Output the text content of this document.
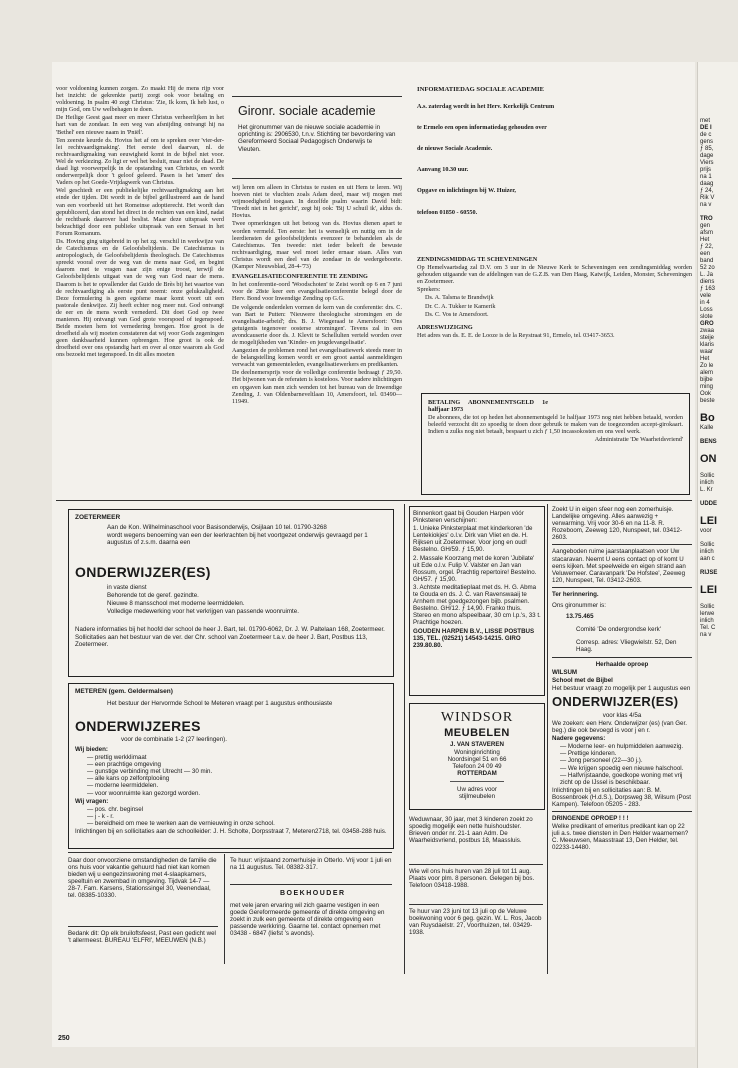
voor voldoening kunnen zorgen. Zo maakt Hij de mens rijp voor het inzicht: de gekrenkte partij zorgt ook voor betaling en voldoening. In psalm 40 zegt Christus: 'Zie, Ik kom, Ik heb lust, o mijn God, om Uw welbehagen te doen.

De Heilige Geest gaat meer en meer Christus verheerlijken in het hart van de zondaar. In een weg van afsnijding ontvangt hij na 'Bethel' een nieuwe naam in 'Pniël'.

Ten zeerste keurde ds. Hovius het af om te spreken over 'vier-der-lei rechtvaardigmaking'. Het eerste deel daarvan, nl. de rechtvaardigmaking van eeuwigheid komt in de bijbel niet voor. Wel de verkiezing. Zo ligt er wel het besluit, maar niet de daad. De daad ligt voorwerpelijk in de opstanding van Christus, en wordt onderwerpelijk door 't geloof geleerd. Pasen is het 'amen' des Vaders op het Goede-Vrijdagwerk van Christus.

Wel geschiedt er een publiekelijke rechtvaardigmaking aan het einde der tijden. Dit wordt in de bijbel geïllustreerd aan de hand van een voorbeeld uit het Romeinse adoptierecht. Het wordt dan gepubliceerd, dan stond het direct in de rechten van een kind, nadat de rechtbank daarover had beslist. Maar deze uitspraak werd bekrachtigd door een publieke uitspraak van een Senaat in het Forum Romanum.

Ds. Hoving ging uitgebreid in op het zg. verschil in werkwijze van de Catechismus en de Geloofsbelijdenis. De Catechismus is antropologisch, de Geloofsbelijdenis theologisch. De Catechismus spreekt vooral over de weg van de mens naar God, en begint daarom met te vragen naar zijn enige troost, terwijl de Geloofsbelijdenis uitgaat van de weg van God naar de mens. Daarom is het te opvallender dat Guido de Brès bij het waartoe van de rechtvaardiging als eerste punt noemt: onze gelukzaligheid. Deze formulering is geen egoïsme maar komt voort uit een pastorale denkwijze. Zij heeft echter nog meer nut. God ontvangt de eer en de mens wordt vernederd. Dit doet God op twee manieren. Hij ontvangt van God grote voorspoed of tegenspoed. Beide moeten hem tot vernedering brengen. Hoe groot is de droefheid als wij moeten constateren dat wij voor Gods zegeningen geen dankbaarheid kunnen opbrengen. Hoe groot is ook de droefheid over ons opstandig hart en over al onze waarom als God ons bezoekt met tegenspoed. In dit alles moeten

Gironr. sociale academie
Het gironummer van de nieuwe sociale academie in oprichting is: 2906530, t.n.v. Stichting ter bevordering van Gereformeerd Sociaal Pedagogisch Onderwijs te Vleuten.

wij leren om alleen in Christus te rusten en uit Hem te leren. Wij hoeven niet te vluchten zoals Adam deed, maar wij mogen met vrijmoedigheid toegaan. In dezelfde psalm waarin David bidt: 'Treedt niet in het gericht', zegt hij ook: 'Bij U schuil ik', aldus ds. Hovius.

Twee opmerkingen uit het betoog van ds. Hovius dienen apart te worden vermeld. Ten eerste: het is wenselijk en nuttig om in de leerdiensten de geloofsbelijdenis evenzeer te behandelen als de Catechismus. Ten tweede: niet ieder beleeft de bewuste rechtvaardiging, maar wel moet ieder ernaar staan. Alles van Christus wordt een deel van de zondaar in de wedergeboorte. (Kamper Nieuwsblad, 28-4-'73)

EVANGELISATIECONFERENTIE TE ZENDING

In het conferentie-oord 'Woodschoten' te Zeist wordt op 6 en 7 juni voor de 28ste keer een evangelisatieconferentie belegd door de Herv. Bond voor Inwendige Zending op G.G.

De volgende onderdelen vormen de kern van de conferentie: drs. C. van Bart te Putten: 'Nieuwere theologische stromingen en de evangelisatie-arbeid'; drs. B. J. Wiegeraad te Amersfoort: 'Ons getuigenis tegenover oosterse stromingen'. Tevens zal in een avondcauserie door ds. J. Klevit te Schellulten verteld worden over de mogelijkheden van 'Kinder- en jeugdevangelisatie'.

Aangezien de problemen rond het evangelisatiewerk steeds meer in de belangstelling komen wordt er een groot aantal aanmeldingen verwacht van gemeenteleden, evangelisatiewerkers en predikanten.

De deelnemersprijs voor de volledige conferentie bedraagt ƒ 29,50. Het bijwonen van de referaten is kosteloos. Voor nadere inlichtingen en opgaven kan men zich wenden tot het bureau van de Inwendige Zending, J. van Oldenbarneveltlaan 10, Amersfoort, tel. 03490—11949.

INFORMATIEDAG SOCIALE ACADEMIE
A.s. zaterdag wordt in het Herv. Kerkelijk Centrum
te Ermelo een open informatiedag gehouden over
de nieuwe Sociale Academie.
Aanvang 10.30 uur.
Opgave en inlichtingen bij W. Huizer,
telefoon 01850 - 60550.

ZENDINGSMIDDAG TE SCHEVENINGEN

Op Hemelvaartsdag zal D.V. om 3 uur in de Nieuwe Kerk te Scheveningen een zendingsmiddag worden gehouden uitgaande van de afdelingen van de G.Z.B. van Den Haag, Katwijk, Leiden, Monster, Scheveningen en Zoetermeer.

Sprekers:

Ds. A. Talsma te Brandwijk

Dr. C. A. Tukker te Kamerik

Ds. C. Vos te Amersfoort.

ADRESWIJZIGING

Het adres van ds. E. E. de Looze is de la Reystraat 91, Ermelo, tel. 03417-3653.

BETALING ABONNEMENTSGELD 1e halfjaar 1973

De abonnees, die tot op heden het abonnementsgeld 1e halfjaar 1973 nog niet hebben betaald, worden beleefd verzocht dit zo spoedig te doen door gebruik te maken van de toegezonden accept-girokaart. Indien u zulks nog niet betaalt, bespaart u zich ƒ 1,50 incassokosten en ons veel werk.

Administratie 'De Waarheidsvriend'

ZOETERMEER

Aan de Kon. Wilhelminaschool voor Basisonderwijs, Osijlaan 10 tel. 01790-3268

wordt wegens benoeming van een der leerkrachten bij het voortgezet onderwijs gevraagd per 1 augustus of z.s.m. daarna een

ONDERWIJZER(ES)

in vaste dienst

Behorende tot de geref. gezindte.

Nieuwe 8 mansschool met moderne leermiddelen.

Volledige medewerking voor het verkrijgen van passende woonruimte.

Nadere informaties bij het hoofd der school de heer J. Bart, tel. 01790-6062, Dr. J. W. Paltelaan 168, Zoetermeer.

Sollicitaties aan het bestuur van de ver. der Chr. school van Zoetermeer t.a.v. de heer J. Bart, Postbus 113, Zoetermeer.

METEREN (gem. Geldermalsen)

Het bestuur der Hervormde School te Meteren vraagt per 1 augustus enthousiaste

ONDERWIJZERES
voor de combinatie 1-2 (27 leerlingen).

Wij bieden:

— prettig werkklimaat

— een prachtige omgeving

— gunstige verbinding met Utrecht — 30 min.

— alle kans op zelfontplooiing

— moderne leermiddelen.

— voor woonruimte kan gezorgd worden.

Wij vragen:

— pos. chr. beginsel

— j - k - r.

— bereidheid om mee te werken aan de vernieuwing in onze school.

Inlichtingen bij en sollicitaties aan de schoolleider: J. H. Scholte, Dorpsstraat 7, Meteren2718, tel. 03458-288 huis.

Daar door onvoorziene omstandigheden de familie die ons huis voor vakantie gehuurd had niet kan komen bieden wij u eengezinswoning met 4-slaapkamers, speeltuin en zwembad in omgeving. Tijdvak 14-7 — 28-7. Fam. Karsens, Stationssingel 30, Veenendaal, tel. 08385-10330.

Bedank dit: Op elk bruiloftsfeest, Past een gedicht wel 't allermeest. BUREAU 'ELFRI', MEEUWEN (N.B.)

Te huur: vrijstaand zomerhuisje in Otterlo. Vrij voor 1 juli en na 11 augustus. Tel. 08382-317.

BOEKHOUDER

met vele jaren ervaring wil zich gaarne vestigen in een goede Gereformeerde gemeente of direkte omgeving en zoekt in zulk een gemeente of direkte omgeving een passende werkkring. Gaarne tel. contact opnemen met 03438 - 6847 (liefst 's avonds).

250

Binnenkort gaat bij Gouden Harpen vóór Pinksteren verschijnen:

1. Unieke Pinksterplaat met kinderkoren 'de Lentekiokjes' o.l.v. Dirk van Vliet en de. H. Rijksen uit Zoetermeer. Voor jong en oud! Bestelno. GH/59. ƒ 15,90.

2. Massale Koorzang met de koren 'Jubilate' uit Ede o.l.v. Fulip V. Valster en Jan van Rossum, orgel. Prachtig repertoire! Bestelno. GH/57. ƒ 15,90.

3. Achtste meditatieplaat met ds. H. G. Abma te Gouda en ds. J. C. van Ravenswaaij te Arnhem met goedgezongen bijb. psalmen. Bestelno. GH/12. ƒ 14,90. Franko thuis. Stereo en mono afspeelbaar, 30 cm l.p.'s, 33 t. Prachtige hoezen.

GOUDEN HARPEN B.V., LISSE POSTBUS 135, TEL. (02521) 14543-14215. GIRO 239.80.80.

WINDSOR
MEUBELEN
J. VAN STAVEREN
Woninginrichting
Noordsingel 51 en 66
Telefoon 24 09 49
ROTTERDAM
Uw adres voor stijlmeubelen

Weduwnaar, 30 jaar, met 3 kinderen zoekt zo spoedig mogelijk een nette huishoudster. Brieven onder nr. 21-1 aan Adm. De Waarheidsvriend, postbus 18, Maassluis.

Wie wil ons huis huren van 28 juli tot 11 aug. Plaats voor plm. 8 personen. Gelegen bij bos. Telefoon 03418-1988.

Te huur van 23 juni tot 13 juli op de Veluwe boekwoning voor 6 geg. gezin. W. L. Ros, Jacob van Ruysdaelstr. 27, Voorthuizen, tel. 03429-1938.

Zoekt U in eigen sfeer nog een zomerhuisje. Landelijke omgeving. Alles aanwezig + verwarming. Vrij voor 30-6 en na 11-8. R. Rozeboom, Zeeweg 120, Nunspeet, tel. 03412-2603.

Aangeboden ruime jaarstaanplaatsen voor Uw stacaravan. Neemt U eens contact op of komt U eens kijken. Met speelweide en eigen strand aan Veluwemeer. Caravanpark 'De Hofstee', Zeeweg 120, Nunspeet, Tel. 03412-2603.

Ter herinnering.

Ons gironummer is:

13.75.465

Comité 'De ondergrondse kerk'

Corresp. adres: Vliegwielstr. 52, Den Haag.

Herhaalde oproep

WILSUM

School met de Bijbel

Het bestuur vraagt zo mogelijk per 1 augustus een

ONDERWIJZER(ES)

voor klas 4/5a

We zoeken: een Herv. Onderwijzer (es) (van Ger. beg.) die ook bevoegd is voor j en r.

Nadere gegevens:

— Moderne leer- en hulpmiddelen aanwezig.

— Prettige kinderen.

— Jong personeel (22—30 j.).

— We krijgen spoedig een nieuwe halschool.

— Halfvrijstaande, goedkope woning met vrij zicht op de IJssel is beschikbaar.

Inlichtingen bij en sollicitaties aan: B. M. Bossenbroek (H.d.S.), Dorpsweg 38, Wilsum (Post Kampen). Telefoon 05205 - 283.

DRINGENDE OPROEP ! ! !

Welke predikant of emeritus predikant kan op 22 juli a.s. twee diensten in Den Helder waarnemen? C. Meeuwsen, Maasstraat 13, Den Helder, tel. 02233-14480.

met
DE I
de c
gens
ƒ 85,
dage
Viers
prijs
na 1
daag
ƒ 24,
Rik V
na v

TRO
gen
afsm
Het
ƒ 22,
een
band
52 zo
L. Ja
diens
ƒ 163
vele
in 4
Loss
slote
GRO
zwaa
steije
klaris
waar
Het
Zo le
alem
bijbe
ming
Ook
beste

Bo
Kalle

BENS

ON

Sollic
inlich
L. Kr

UDDE

LEI
voor

Sollic
inlich
aan c

RIJSE

LEI

Sollic
lerwe
inlich
Tel. C
na v
